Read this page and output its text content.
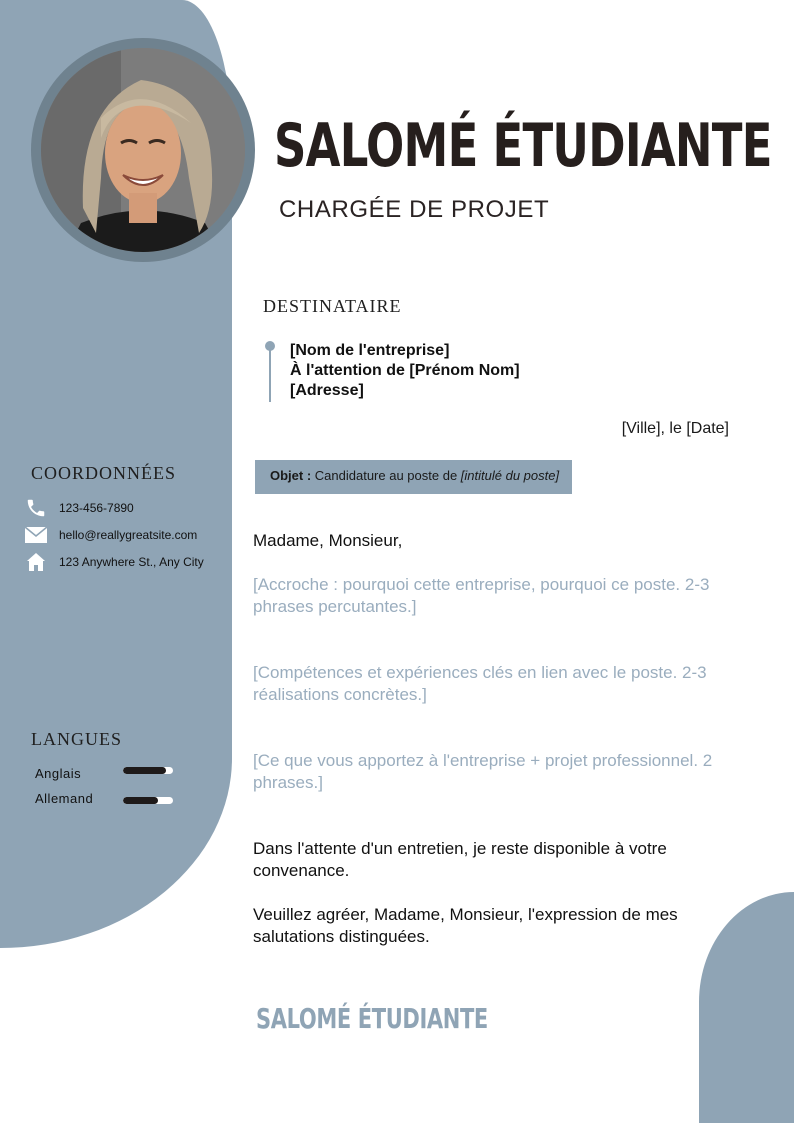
SALOMÉ ÉTUDIANTE
CHARGÉE DE PROJET
DESTINATAIRE
[Nom de l'entreprise]
À l'attention de [Prénom Nom]
[Adresse]
[Ville], le [Date]
Objet : Candidature au poste de [intitulé du poste]

Madame, Monsieur,

[Accroche : pourquoi cette entreprise, pourquoi ce poste. 2-3 phrases percutantes.]

[Compétences et expériences clés en lien avec le poste. 2-3 réalisations concrètes.]

[Ce que vous apportez à l'entreprise + projet professionnel. 2 phrases.]

Dans l'attente d'un entretien, je reste disponible à votre convenance.

Veuillez agréer, Madame, Monsieur, l'expression de mes salutations distinguées.

SALOMÉ ÉTUDIANTE
COORDONNÉES
123-456-7890
hello@reallygreatsite.com
123 Anywhere St., Any City
LANGUES
Anglais
Allemand
